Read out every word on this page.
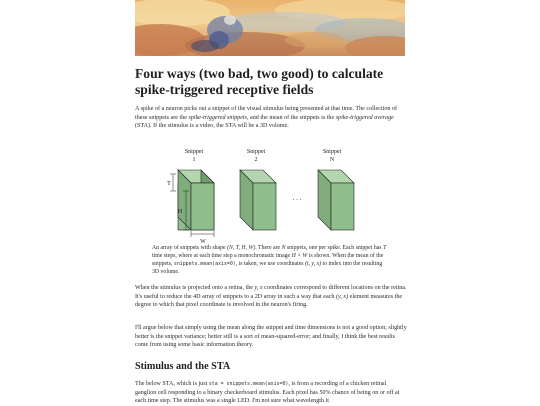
Four ways (two bad, two good) to calculate spike-triggered receptive fields

A spike of a neuron picks out a snippet of the visual stimulus being presented at that time. The collection of these snippets are the spike-triggered snippets, and the mean of the snippets is the spike-triggered average (STA). If the stimulus is a video, the STA will be a 3D volume.

Snippet
1
Snippet
2
Snippet
N
T
H
W
. . .

An array of snippets with shape (N, T, H, W). There are N snippets, one per spike. Each snippet has T time steps, where at each time step a monochromatic image H × W is shown. When the mean of the snippets, snippets.mean(axis=0), is taken, we use coordinates (t, y, x) to index into the resulting 3D volume.

When the stimulus is projected onto a retina, the y, x coordinates correspond to different locations on the retina. It's useful to reduce the 4D array of snippets to a 2D array in such a way that each (y, x) element measures the degree to which that pixel coordinate is involved in the neuron's firing.

I'll argue below that simply using the mean along the snippet and time dimensions is not a good option; slightly better is the snippet variance; better still is a sort of mean-squared-error; and finally, I think the best results come from using some basic information theory.

Stimulus and the STA

The below STA, which is just sta = snippets.mean(axis=0), is from a recording of a chicken retinal ganglion cell responding to a binary checkerboard stimulus. Each pixel has 50% chance of being on or off at each time step. The stimulus was a single LED. I'm not sure what wavelength it
